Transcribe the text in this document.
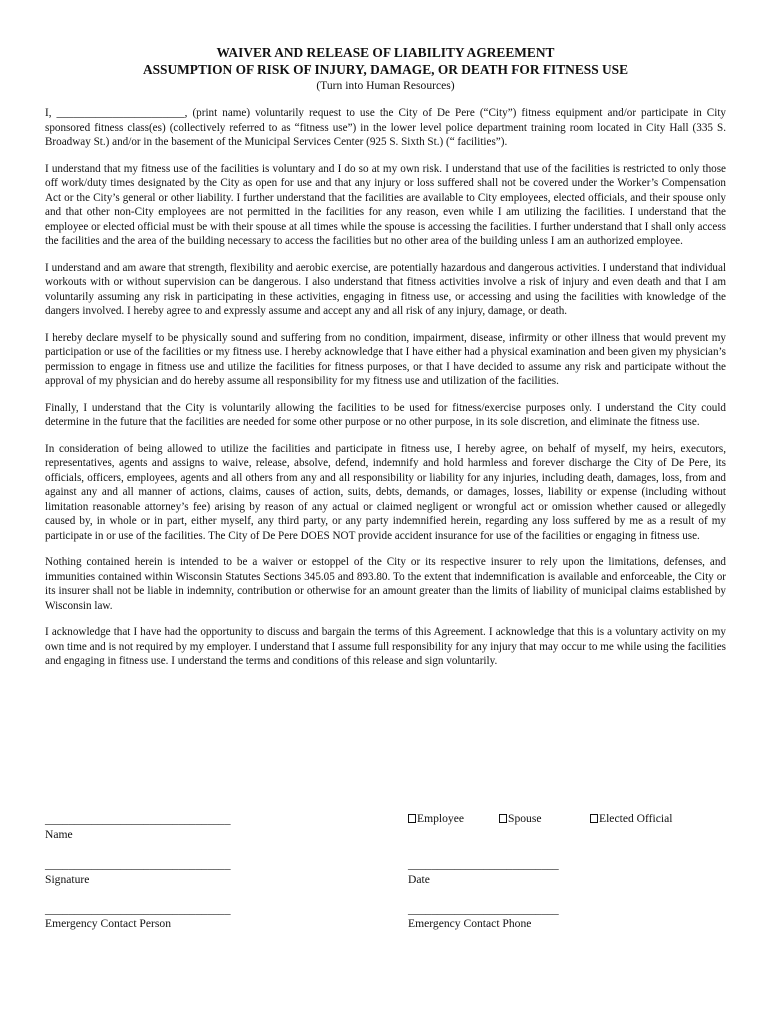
WAIVER AND RELEASE OF LIABILITY AGREEMENT

ASSUMPTION OF RISK OF INJURY, DAMAGE, OR DEATH FOR FITNESS USE

(Turn into Human Resources)

I, _______________________, (print name) voluntarily request to use the City of De Pere (“City”) fitness equipment and/or participate in City sponsored fitness class(es) (collectively referred to as “fitness use”) in the lower level police department training room located in City Hall (335 S. Broadway St.) and/or in the basement of the Municipal Services Center (925 S. Sixth St.) (“ facilities”).

I understand that my fitness use of the facilities is voluntary and I do so at my own risk. I understand that use of the facilities is restricted to only those off work/duty times designated by the City as open for use and that any injury or loss suffered shall not be covered under the Worker’s Compensation Act or the City’s general or other liability. I further understand that the facilities are available to City employees, elected officials, and their spouse only and that other non-City employees are not permitted in the facilities for any reason, even while I am utilizing the facilities. I understand that the employee or elected official must be with their spouse at all times while the spouse is accessing the facilities. I further understand that I shall only access the facilities and the area of the building necessary to access the facilities but no other area of the building unless I am an authorized employee.

I understand and am aware that strength, flexibility and aerobic exercise, are potentially hazardous and dangerous activities. I understand that individual workouts with or without supervision can be dangerous. I also understand that fitness activities involve a risk of injury and even death and that I am voluntarily assuming any risk in participating in these activities, engaging in fitness use, or accessing and using the facilities with knowledge of the dangers involved. I hereby agree to and expressly assume and accept any and all risk of any injury, damage, or death.

I hereby declare myself to be physically sound and suffering from no condition, impairment, disease, infirmity or other illness that would prevent my participation or use of the facilities or my fitness use. I hereby acknowledge that I have either had a physical examination and been given my physician’s permission to engage in fitness use and utilize the facilities for fitness purposes, or that I have decided to assume any risk and participate without the approval of my physician and do hereby assume all responsibility for my fitness use and utilization of the facilities.

Finally, I understand that the City is voluntarily allowing the facilities to be used for fitness/exercise purposes only. I understand the City could determine in the future that the facilities are needed for some other purpose or no other purpose, in its sole discretion, and eliminate the fitness use.

In consideration of being allowed to utilize the facilities and participate in fitness use, I hereby agree, on behalf of myself, my heirs, executors, representatives, agents and assigns to waive, release, absolve, defend, indemnify and hold harmless and forever discharge the City of De Pere, its officials, officers, employees, agents and all others from any and all responsibility or liability for any injuries, including death, damages, loss, from and against any and all manner of actions, claims, causes of action, suits, debts, demands, or damages, losses, liability or expense (including without limitation reasonable attorney’s fee) arising by reason of any actual or claimed negligent or wrongful act or omission whether caused or allegedly caused by, in whole or in part, either myself, any third party, or any party indemnified herein, regarding any loss suffered by me as a result of my participate in or use of the facilities. The City of De Pere DOES NOT provide accident insurance for use of the facilities or engaging in fitness use.

Nothing contained herein is intended to be a waiver or estoppel of the City or its respective insurer to rely upon the limitations, defenses, and immunities contained within Wisconsin Statutes Sections 345.05 and 893.80. To the extent that indemnification is available and enforceable, the City or its insurer shall not be liable in indemnity, contribution or otherwise for an amount greater than the limits of liability of municipal claims established by Wisconsin law.

I acknowledge that I have had the opportunity to discuss and bargain the terms of this Agreement. I acknowledge that this is a voluntary activity on my own time and is not required by my employer. I understand that I assume full responsibility for any injury that may occur to me while using the facilities and engaging in fitness use. I understand the terms and conditions of this release and sign voluntarily.

________________________________
Name
Employee	Spouse	Elected Official
________________________________
Signature
__________________________
Date
________________________________
Emergency Contact Person
__________________________
Emergency Contact Phone
